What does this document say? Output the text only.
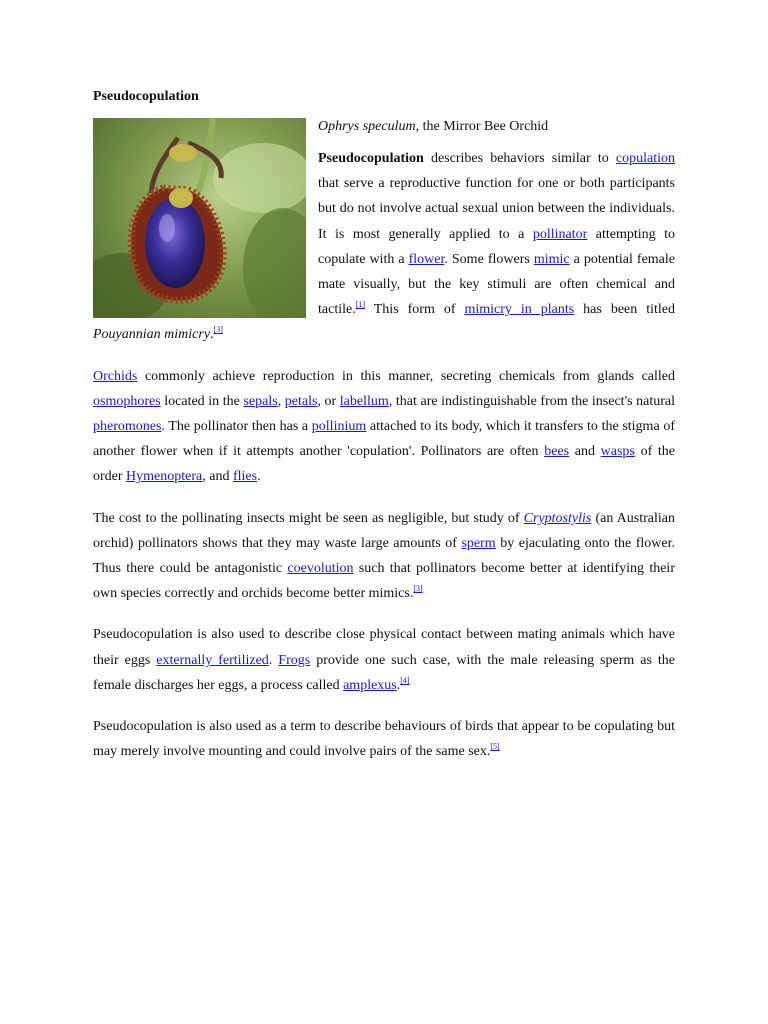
Pseudocopulation
Ophrys speculum, the Mirror Bee Orchid

Pseudocopulation describes behaviors similar to copulation that serve a reproductive function for one or both participants but do not involve actual sexual union between the individuals. It is most generally applied to a pollinator attempting to copulate with a flower. Some flowers mimic a potential female mate visually, but the key stimuli are often chemical and tactile.[1] This form of mimicry in plants has been titled Pouyannian mimicry.[3]

Orchids commonly achieve reproduction in this manner, secreting chemicals from glands called osmophores located in the sepals, petals, or labellum, that are indistinguishable from the insect's natural pheromones. The pollinator then has a pollinium attached to its body, which it transfers to the stigma of another flower when if it attempts another 'copulation'. Pollinators are often bees and wasps of the order Hymenoptera, and flies.

The cost to the pollinating insects might be seen as negligible, but study of Cryptostylis (an Australian orchid) pollinators shows that they may waste large amounts of sperm by ejaculating onto the flower. Thus there could be antagonistic coevolution such that pollinators become better at identifying their own species correctly and orchids become better mimics.[3]

Pseudocopulation is also used to describe close physical contact between mating animals which have their eggs externally fertilized. Frogs provide one such case, with the male releasing sperm as the female discharges her eggs, a process called amplexus.[4]

Pseudocopulation is also used as a term to describe behaviours of birds that appear to be copulating but may merely involve mounting and could involve pairs of the same sex.[5]
